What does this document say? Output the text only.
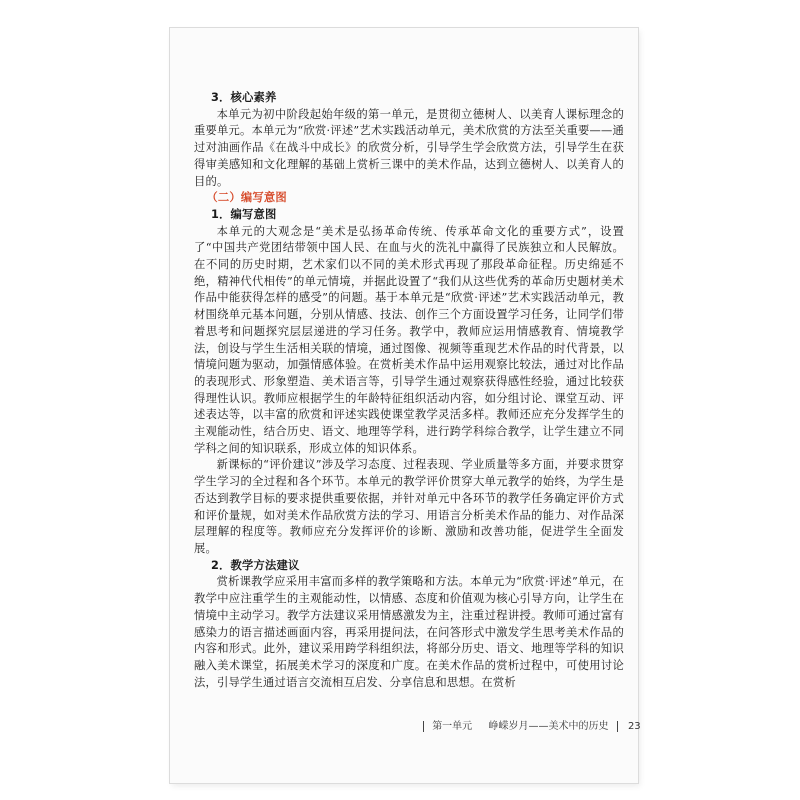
3．核心素养

本单元为初中阶段起始年级的第一单元，是贯彻立德树人、以美育人课标理念的重要单元。本单元为“欣赏·评述”艺术实践活动单元，美术欣赏的方法至关重要——通过对油画作品《在战斗中成长》的欣赏分析，引导学生学会欣赏方法，引导学生在获得审美感知和文化理解的基础上赏析三课中的美术作品，达到立德树人、以美育人的目的。

（二）编写意图
1．编写意图

本单元的大观念是“美术是弘扬革命传统、传承革命文化的重要方式”，设置了“中国共产党团结带领中国人民、在血与火的洗礼中赢得了民族独立和人民解放。在不同的历史时期，艺术家们以不同的美术形式再现了那段革命征程。历史绵延不绝，精神代代相传”的单元情境，并据此设置了“我们从这些优秀的革命历史题材美术作品中能获得怎样的感受”的问题。基于本单元是“欣赏·评述”艺术实践活动单元，教材围绕单元基本问题，分别从情感、技法、创作三个方面设置学习任务，让同学们带着思考和问题探究层层递进的学习任务。教学中，教师应运用情感教育、情境教学法，创设与学生生活相关联的情境，通过图像、视频等重现艺术作品的时代背景，以情境问题为驱动，加强情感体验。在赏析美术作品中运用观察比较法，通过对比作品的表现形式、形象塑造、美术语言等，引导学生通过观察获得感性经验，通过比较获得理性认识。教师应根据学生的年龄特征组织活动内容，如分组讨论、课堂互动、评述表达等，以丰富的欣赏和评述实践使课堂教学灵活多样。教师还应充分发挥学生的主观能动性，结合历史、语文、地理等学科，进行跨学科综合教学，让学生建立不同学科之间的知识联系，形成立体的知识体系。

新课标的“评价建议”涉及学习态度、过程表现、学业质量等多方面，并要求贯穿学生学习的全过程和各个环节。本单元的教学评价贯穿大单元教学的始终，为学生是否达到教学目标的要求提供重要依据，并针对单元中各环节的教学任务确定评价方式和评价量规，如对美术作品欣赏方法的学习、用语言分析美术作品的能力、对作品深层理解的程度等。教师应充分发挥评价的诊断、激励和改善功能，促进学生全面发展。

2．教学方法建议

赏析课教学应采用丰富而多样的教学策略和方法。本单元为“欣赏·评述”单元，在教学中应注重学生的主观能动性，以情感、态度和价值观为核心引导方向，让学生在情境中主动学习。教学方法建议采用情感激发为主，注重过程讲授。教师可通过富有感染力的语言描述画面内容，再采用提问法，在问答形式中激发学生思考美术作品的内容和形式。此外，建议采用跨学科组织法，将部分历史、语文、地理等学科的知识融入美术课堂，拓展美术学习的深度和广度。在美术作品的赏析过程中，可使用讨论法，引导学生通过语言交流相互启发、分享信息和思想。在赏析

第一单元 峥嵘岁月——美术中的历史 23
